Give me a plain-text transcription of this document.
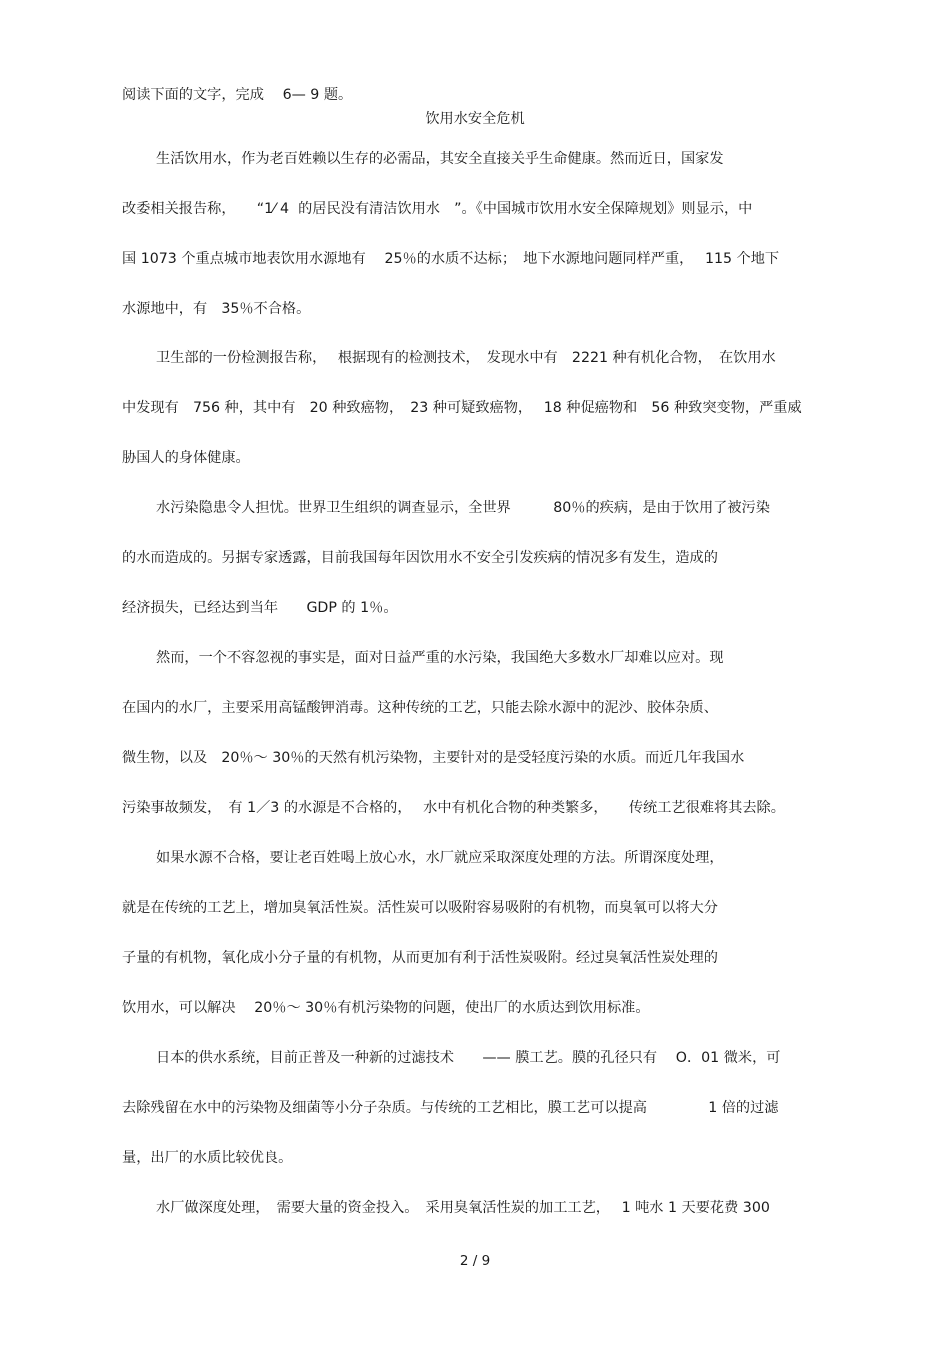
阅读下面的文字，完成　 6— 9 题。
饮用水安全危机
生活饮用水，作为老百姓赖以生存的必需品，其安全直接关乎生命健康。然而近日，国家发
改委相关报告称，　　“1⁄ 4  的居民没有清洁饮用水　”。《中国城市饮用水安全保障规划》则显示，中
国 1073 个重点城市地表饮用水源地有　 25％的水质不达标；　地下水源地问题同样严重，　 115 个地下
水源地中，有　35％不合格。
卫生部的一份检测报告称，　 根据现有的检测技术，　发现水中有　2221 种有机化合物，　在饮用水
中发现有　756 种，其中有　20 种致癌物，　23 种可疑致癌物，　 18 种促癌物和　56 种致突变物，严重威
胁国人的身体健康。
水污染隐患令人担忧。世界卫生组织的调查显示，全世界　　　80％的疾病，是由于饮用了被污染
的水而造成的。另据专家透露，目前我国每年因饮用水不安全引发疾病的情况多有发生，造成的
经济损失，已经达到当年　　GDP 的 1％。
然而，一个不容忽视的事实是，面对日益严重的水污染，我国绝大多数水厂却难以应对。现
在国内的水厂，主要采用高锰酸钾消毒。这种传统的工艺，只能去除水源中的泥沙、胶体杂质、
微生物，以及　20％～ 30％的天然有机污染物，主要针对的是受轻度污染的水质。而近几年我国水
污染事故频发，　有 1／3 的水源是不合格的，　 水中有机化合物的种类繁多，　　传统工艺很难将其去除。
如果水源不合格，要让老百姓喝上放心水，水厂就应采取深度处理的方法。所谓深度处理，
就是在传统的工艺上，增加臭氧活性炭。活性炭可以吸附容易吸附的有机物，而臭氧可以将大分
子量的有机物，氧化成小分子量的有机物，从而更加有利于活性炭吸附。经过臭氧活性炭处理的
饮用水，可以解决　 20％～ 30％有机污染物的问题，使出厂的水质达到饮用标准。
日本的供水系统，目前正普及一种新的过滤技术　　—— 膜工艺。膜的孔径只有　 O．01 微米，可
去除残留在水中的污染物及细菌等小分子杂质。与传统的工艺相比，膜工艺可以提高　　　　 1 倍的过滤
量，出厂的水质比较优良。
水厂做深度处理，　需要大量的资金投入。　采用臭氧活性炭的加工工艺，　 1 吨水 1 天要花费 300
2 / 9
